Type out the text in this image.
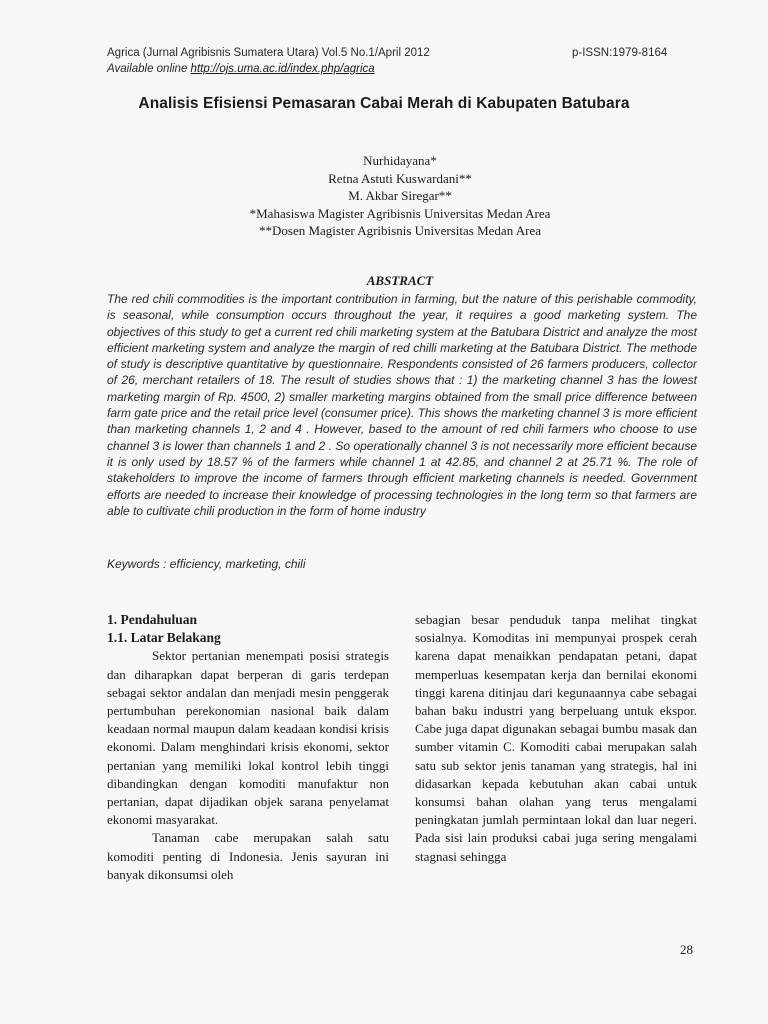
Agrica (Jurnal Agribisnis Sumatera Utara) Vol.5 No.1/April 2012
Available online http://ojs.uma.ac.id/index.php/agrica
p-ISSN:1979-8164
Analisis Efisiensi Pemasaran Cabai Merah di Kabupaten Batubara
Nurhidayana*
Retna Astuti Kuswardani**
M. Akbar Siregar**
*Mahasiswa Magister Agribisnis Universitas Medan Area
**Dosen Magister Agribisnis Universitas Medan Area
ABSTRACT

The red chili commodities is the important contribution in farming, but the nature of this perishable commodity, is seasonal, while consumption occurs throughout the year, it requires a good marketing system. The objectives of this study to get a current red chili marketing system at the Batubara District and analyze the most efficient marketing system and analyze the margin of red chilli marketing at the Batubara District. The methode of study is descriptive quantitative by questionnaire. Respondents consisted of 26 farmers producers, collector of 26, merchant retailers of 18. The result of studies shows that : 1) the marketing channel 3 has the lowest marketing margin of Rp. 4500, 2) smaller marketing margins obtained from the small price difference between farm gate price and the retail price level (consumer price). This shows the marketing channel 3 is more efficient than marketing channels 1, 2 and 4 . However, based to the amount of red chili farmers who choose to use channel 3 is lower than channels 1 and 2 . So operationally channel 3 is not necessarily more efficient because it is only used by 18.57 % of the farmers while channel 1 at 42.85, and channel 2 at 25.71 %. The role of stakeholders to improve the income of farmers through efficient marketing channels is needed. Government efforts are needed to increase their knowledge of processing technologies in the long term so that farmers are able to cultivate chili production in the form of home industry

Keywords : efficiency, marketing, chili
1. Pendahuluan
1.1. Latar Belakang

Sektor pertanian menempati posisi strategis dan diharapkan dapat berperan di garis terdepan sebagai sektor andalan dan menjadi mesin penggerak pertumbuhan perekonomian nasional baik dalam keadaan normal maupun dalam keadaan kondisi krisis ekonomi. Dalam menghindari krisis ekonomi, sektor pertanian yang memiliki lokal kontrol lebih tinggi dibandingkan dengan komoditi manufaktur non pertanian, dapat dijadikan objek sarana penyelamat ekonomi masyarakat.

Tanaman cabe merupakan salah satu komoditi penting di Indonesia. Jenis sayuran ini banyak dikonsumsi oleh

sebagian besar penduduk tanpa melihat tingkat sosialnya. Komoditas ini mempunyai prospek cerah karena dapat menaikkan pendapatan petani, dapat memperluas kesempatan kerja dan bernilai ekonomi tinggi karena ditinjau dari kegunaannya cabe sebagai bahan baku industri yang berpeluang untuk ekspor. Cabe juga dapat digunakan sebagai bumbu masak dan sumber vitamin C. Komoditi cabai merupakan salah satu sub sektor jenis tanaman yang strategis, hal ini didasarkan kepada kebutuhan akan cabai untuk konsumsi bahan olahan yang terus mengalami peningkatan jumlah permintaan lokal dan luar negeri. Pada sisi lain produksi cabai juga sering mengalami stagnasi sehingga

28
